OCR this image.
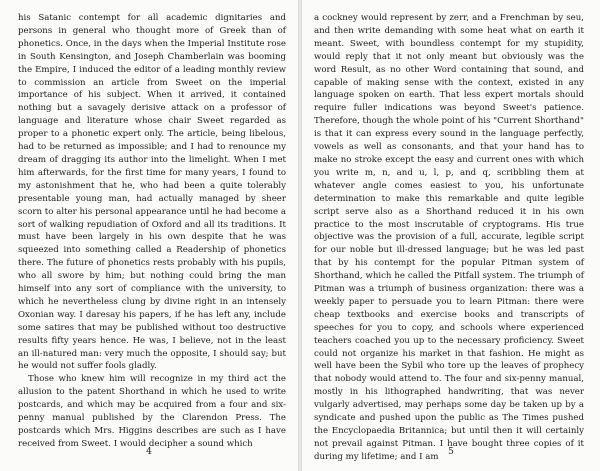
his Satanic contempt for all academic dignitaries and persons in general who thought more of Greek than of phonetics. Once, in the days when the Imperial Institute rose in South Kensington, and Joseph Chamberlain was booming the Empire, I induced the editor of a leading monthly review to commission an article from Sweet on the imperial importance of his subject. When it arrived, it contained nothing but a savagely derisive attack on a professor of language and literature whose chair Sweet regarded as proper to a phonetic expert only. The article, being libelous, had to be returned as impossible; and I had to renounce my dream of dragging its author into the limelight. When I met him afterwards, for the first time for many years, I found to my astonishment that he, who had been a quite tolerably presentable young man, had actually managed by sheer scorn to alter his personal appearance until he had become a sort of walking repudiation of Oxford and all its traditions. It must have been largely in his own despite that he was squeezed into something called a Readership of phonetics there. The future of phonetics rests probably with his pupils, who all swore by him; but nothing could bring the man himself into any sort of compliance with the university, to which he nevertheless clung by divine right in an intensely Oxonian way. I daresay his papers, if he has left any, include some satires that may be published without too destructive results fifty years hence. He was, I believe, not in the least an ill-natured man: very much the opposite, I should say; but he would not suffer fools gladly.

Those who knew him will recognize in my third act the allusion to the patent Shorthand in which he used to write postcards, and which may be acquired from a four and six-penny manual published by the Clarendon Press. The postcards which Mrs. Higgins describes are such as I have received from Sweet. I would decipher a sound which

4

a cockney would represent by zerr, and a Frenchman by seu, and then write demanding with some heat what on earth it meant. Sweet, with boundless contempt for my stupidity, would reply that it not only meant but obviously was the word Result, as no other Word containing that sound, and capable of making sense with the context, existed in any language spoken on earth. That less expert mortals should require fuller indications was beyond Sweet's patience. Therefore, though the whole point of his "Current Shorthand" is that it can express every sound in the language perfectly, vowels as well as consonants, and that your hand has to make no stroke except the easy and current ones with which you write m, n, and u, l, p, and q, scribbling them at whatever angle comes easiest to you, his unfortunate determination to make this remarkable and quite legible script serve also as a Shorthand reduced it in his own practice to the most inscrutable of cryptograms. His true objective was the provision of a full, accurate, legible script for our noble but ill-dressed language; but he was led past that by his contempt for the popular Pitman system of Shorthand, which he called the Pitfall system. The triumph of Pitman was a triumph of business organization: there was a weekly paper to persuade you to learn Pitman: there were cheap textbooks and exercise books and transcripts of speeches for you to copy, and schools where experienced teachers coached you up to the necessary proficiency. Sweet could not organize his market in that fashion. He might as well have been the Sybil who tore up the leaves of prophecy that nobody would attend to. The four and six-penny manual, mostly in his lithographed handwriting, that was never vulgarly advertised, may perhaps some day be taken up by a syndicate and pushed upon the public as The Times pushed the Encyclopaedia Britannica; but until then it will certainly not prevail against Pitman. I have bought three copies of it during my lifetime; and I am	5
